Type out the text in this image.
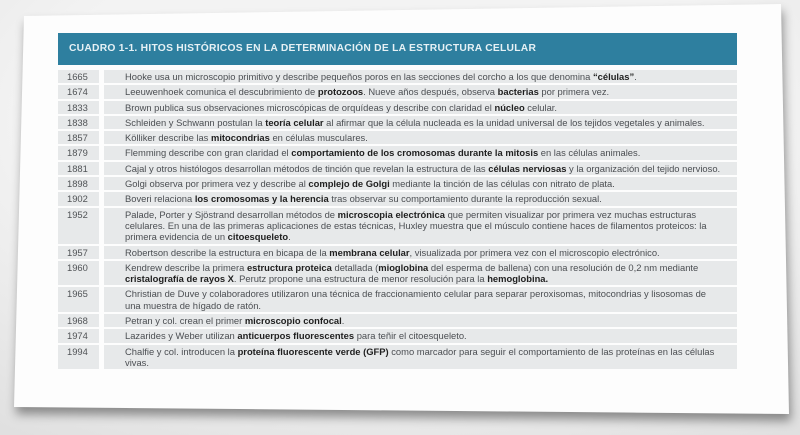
CUADRO 1-1. HITOS HISTÓRICOS EN LA DETERMINACIÓN DE LA ESTRUCTURA CELULAR
1665	Hooke usa un microscopio primitivo y describe pequeños poros en las secciones del corcho a los que denomina “células”.
1674	Leeuwenhoek comunica el descubrimiento de protozoos. Nueve años después, observa bacterias por primera vez.
1833	Brown publica sus observaciones microscópicas de orquídeas y describe con claridad el núcleo celular.
1838	Schleiden y Schwann postulan la teoría celular al afirmar que la célula nucleada es la unidad universal de los tejidos vegetales y animales.
1857	Kölliker describe las mitocondrias en células musculares.
1879	Flemming describe con gran claridad el comportamiento de los cromosomas durante la mitosis en las células animales.
1881	Cajal y otros histólogos desarrollan métodos de tinción que revelan la estructura de las células nerviosas y la organización del tejido nervioso.
1898	Golgi observa por primera vez y describe al complejo de Golgi mediante la tinción de las células con nitrato de plata.
1902	Boveri relaciona los cromosomas y la herencia tras observar su comportamiento durante la reproducción sexual.
1952	Palade, Porter y Sjöstrand desarrollan métodos de microscopia electrónica que permiten visualizar por primera vez muchas estructuras celulares. En una de las primeras aplicaciones de estas técnicas, Huxley muestra que el músculo contiene haces de filamentos proteicos: la primera evidencia de un citoesqueleto.
1957	Robertson describe la estructura en bicapa de la membrana celular, visualizada por primera vez con el microscopio electrónico.
1960	Kendrew describe la primera estructura proteica detallada (mioglobina del esperma de ballena) con una resolución de 0,2 nm mediante cristalografía de rayos X. Perutz propone una estructura de menor resolución para la hemoglobina.
1965	Christian de Duve y colaboradores utilizaron una técnica de fraccionamiento celular para separar peroxisomas, mitocondrias y lisosomas de una muestra de hígado de ratón.
1968	Petran y col. crean el primer microscopio confocal.
1974	Lazarides y Weber utilizan anticuerpos fluorescentes para teñir el citoesqueleto.
1994	Chalfie y col. introducen la proteína fluorescente verde (GFP) como marcador para seguir el comportamiento de las proteínas en las células vivas.
